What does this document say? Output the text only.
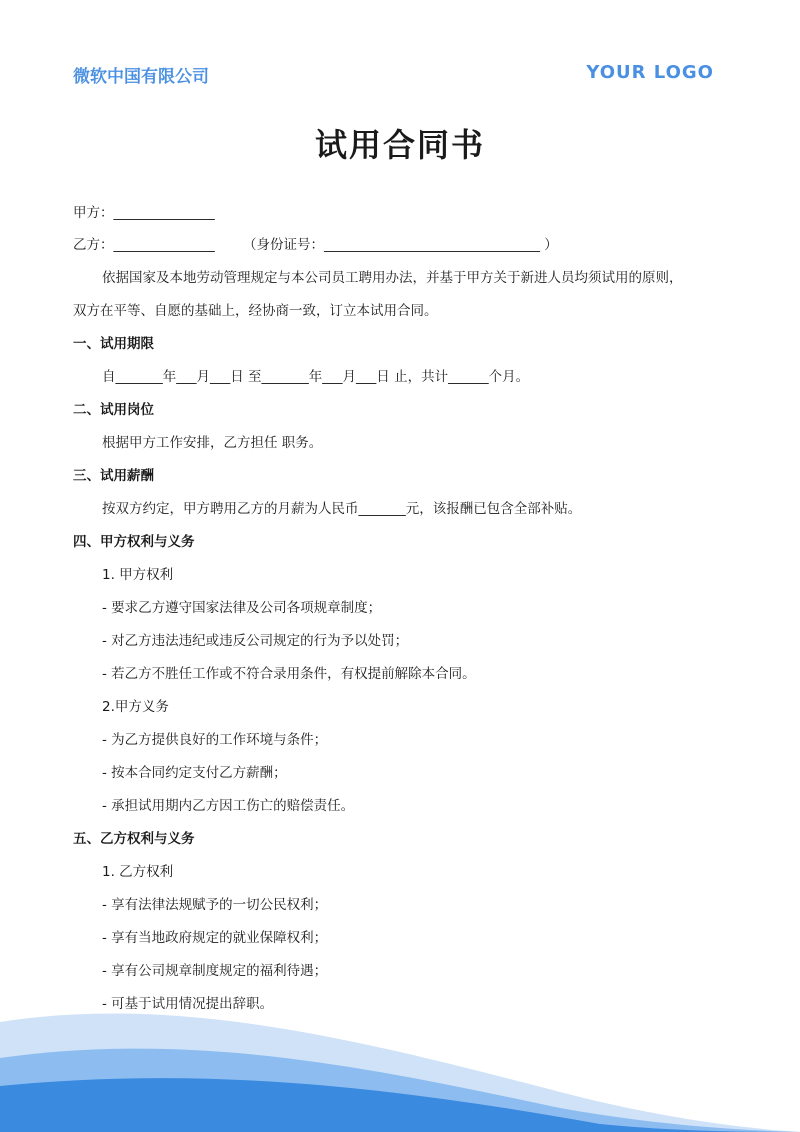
微软中国有限公司	YOUR LOGO
试用合同书
甲方：_______________
乙方：_______________ （身份证号：________________________________ ）
依据国家及本地劳动管理规定与本公司员工聘用办法，并基于甲方关于新进人员均须试用的原则，
双方在平等、自愿的基础上，经协商一致，订立本试用合同。
一、试用期限
自_______年___月___日 至_______年___月___日 止，共计______个月。
二、试用岗位
根据甲方工作安排，乙方担任 职务。
三、试用薪酬
按双方约定，甲方聘用乙方的月薪为人民币_______元，该报酬已包含全部补贴。
四、甲方权利与义务
1. 甲方权利
- 要求乙方遵守国家法律及公司各项规章制度；
- 对乙方违法违纪或违反公司规定的行为予以处罚；
- 若乙方不胜任工作或不符合录用条件，有权提前解除本合同。
2.甲方义务
- 为乙方提供良好的工作环境与条件；
- 按本合同约定支付乙方薪酬；
- 承担试用期内乙方因工伤亡的赔偿责任。
五、乙方权利与义务
1. 乙方权利
- 享有法律法规赋予的一切公民权利；
- 享有当地政府规定的就业保障权利；
- 享有公司规章制度规定的福利待遇；
- 可基于试用情况提出辞职。
